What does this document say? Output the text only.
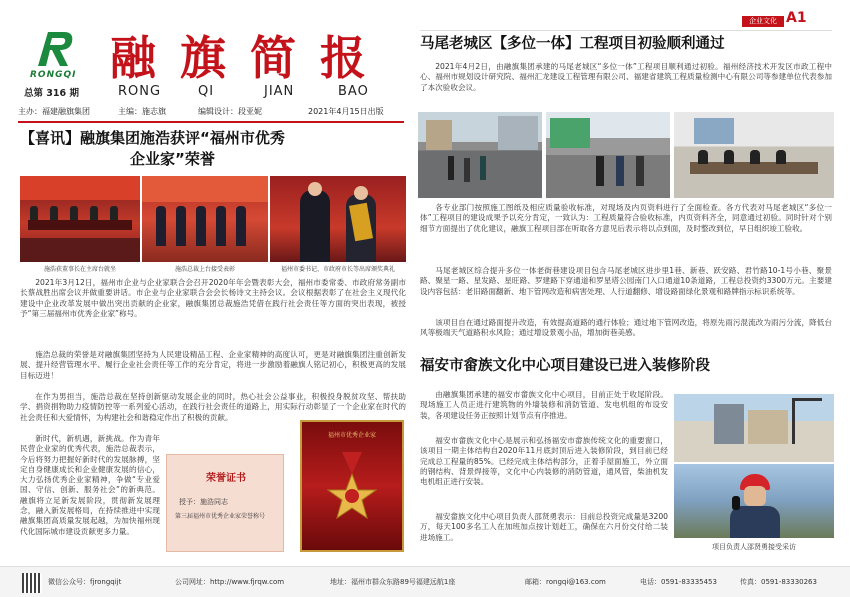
RONGQI
总第 316 期
融 旗 简 报
RONG	QI	JIAN	BAO
主办：福建融旗集团	主编：施志旗	编辑设计：段亚妮	2021年4月15日出版
企业文化 A1
【喜讯】融旗集团施浩获评“福州市优秀
企业家”荣誉
施浩获董事长在主席台就坐	施浩总裁上台接受表彰	福州市委书记、市政府市长等出席颁奖典礼
2021年3月12日，福州市企业与企业家联合会召开2020年年会暨表彰大会，福州市委常委、市政府常务副市长蔡战胜出席会议并做重要讲话。市企业与企业家联合会会长杨诗文主持会议。会议根据表彰了在社会主义现代化建设中企业改革发展中做出突出贡献的企业家，融旗集团总裁施浩凭借在践行社会责任等方面的突出表现，被授予“第三届福州市优秀企业家”称号。
施浩总裁的荣誉是对融旗集团坚持为人民建设精品工程、企业家精神的高度认可，更是对融旗集团注重创新发展、提升经营管理水平、履行企业社会责任等工作的充分肯定，将进一步激励着融旗人铭记初心，积极更高的发展目标迈进！
在作为男担当，施浩总裁在坚持创新驱动发展企业的同时，热心社会公益事业，积极投身脱贫攻坚、帮扶助学、捐资捐物助力疫情防控等一系列爱心活动，在践行社会责任的道路上，用实际行动彰显了一个企业家在时代的社会责任和大爱情怀，为构建社会和谐稳定作出了积极的贡献。
新时代，新机遇，新挑战。作为青年民营企业家的优秀代表，施浩总裁表示，今后将努力把握好新时代的发展脉搏，坚定自身健康成长和企业健康发展的信心，大力弘扬优秀企业家精神，争做“专业爱国、守信、创新、服务社会”的新典范。融旗将立足新发展阶段，贯彻新发展理念，融入新发展格局，在持续推进中实现融旗集团高质量发展起越，为加快福州现代化国际城市建设贡献更多力量。
荣誉证书
授予：施浩同志
第三届福州市优秀企业家荣誉称号
福州市优秀企业家
马尾老城区【多位一体】工程项目初验顺利通过
2021年4月2日，由融旗集团承建的马尾老城区“多位一体”工程项目顺利通过初验。福州经济技术开发区市政工程中心、福州市规划设计研究院、福州汇龙建设工程管理有限公司、福建省建筑工程质量检测中心有限公司等参建单位代表参加了本次验收会议。
各专业部门按照施工图纸及相应质量验收标准，对现场及内页资料进行了全面检查。各方代表对马尾老城区“多位一体”工程项目的建设成果予以充分肯定，一致认为：工程质量符合验收标准，内页资料齐全，同意通过初验。同时针对个别细节方面提出了优化建议，融旗工程项目部在听取各方意见后表示将以点到面，及时整改到位，早日组织竣工验收。
马尾老城区综合提升多位一体老街巷建设项目包含马尾老城区进步里1巷、新巷、跃安路、君竹路10-1号小巷、聚景路、聚星一路、星发路、星旺路、罗建路下穿通道和罗星塔公园南门入口通道10条道路，工程总投资约3300万元。主要建设内容包括：老旧路面翻新、地下管网改造和病害处理、人行道翻修、增设路面绿化景观和路牌指示标识系统等。
该项目自在通过路面提升改造，有效提高道路的通行体验；通过地下管网改造，将原先雨污混流改为雨污分流，降低台风等极端天气道路积水风险；通过增设景观小品，增加街巷美感。
福安市畲族文化中心项目建设已进入装修阶段
由融旗集团承建的福安市畲族文化中心项目，目前正处于收尾阶段。现场施工人员正进行建筑物的外墙装修和消防管道、发电机组的布设安装，各项建设任务正按照计划节点有序推进。
福安市畲族文化中心是展示和弘扬福安市畲族传统文化的重要窗口，该项目一期主体结构自2020年11月底封顶后进入装修阶段，到目前已经完成总工程量的85%。已经完成主体结构部分，正着手屋面施工，外立面的钢结构、背景焊接等，文化中心内装修的消防管道，通风管，柴油机发电机组正进行安装。
福安畲族文化中心项目负责人邵贤勇表示：目前总投资完成量是3200万，每天100多名工人在加班加点按计划赶工，确保在六月份交付给二装进场施工。
项目负责人邵贤勇接受采访
微信公众号：fjrongqijt	公司网址：http://www.fjrqw.com	地址：福州市群众东路89号福建远航1座	邮箱：rongqi@163.com	电话：0591-83335453	传真：0591-83330263
